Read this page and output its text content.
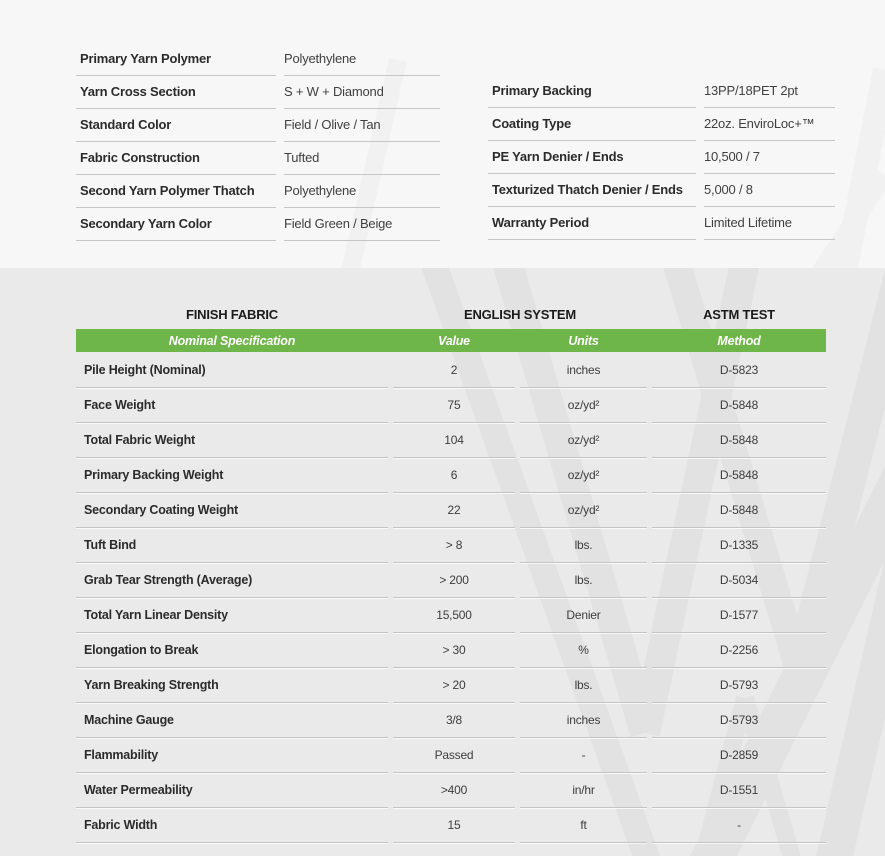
Primary Yarn Polymer	Polyethylene
Yarn Cross Section	S + W + Diamond
Standard Color	Field / Olive / Tan
Fabric Construction	Tufted
Second Yarn Polymer Thatch	Polyethylene
Secondary Yarn Color	Field Green / Beige
Primary Backing	13PP/18PET 2pt
Coating Type	22oz. EnviroLoc+™
PE Yarn Denier / Ends	10,500 / 7
Texturized Thatch Denier / Ends	5,000 / 8
Warranty Period	Limited Lifetime
FINISH FABRIC	ENGLISH SYSTEM	ASTM TEST
Nominal Specification	Value	Units	Method
Pile Height (Nominal)	2	inches	D-5823
Face Weight	75	oz/yd²	D-5848
Total Fabric Weight	104	oz/yd²	D-5848
Primary Backing Weight	6	oz/yd²	D-5848
Secondary Coating Weight	22	oz/yd²	D-5848
Tuft Bind	> 8	lbs.	D-1335
Grab Tear Strength (Average)	> 200	lbs.	D-5034
Total Yarn Linear Density	15,500	Denier	D-1577
Elongation to Break	> 30	%	D-2256
Yarn Breaking Strength	> 20	lbs.	D-5793
Machine Gauge	3/8	inches	D-5793
Flammability	Passed	-	D-2859
Water Permeability	>400	in/hr	D-1551
Fabric Width	15	ft	-
